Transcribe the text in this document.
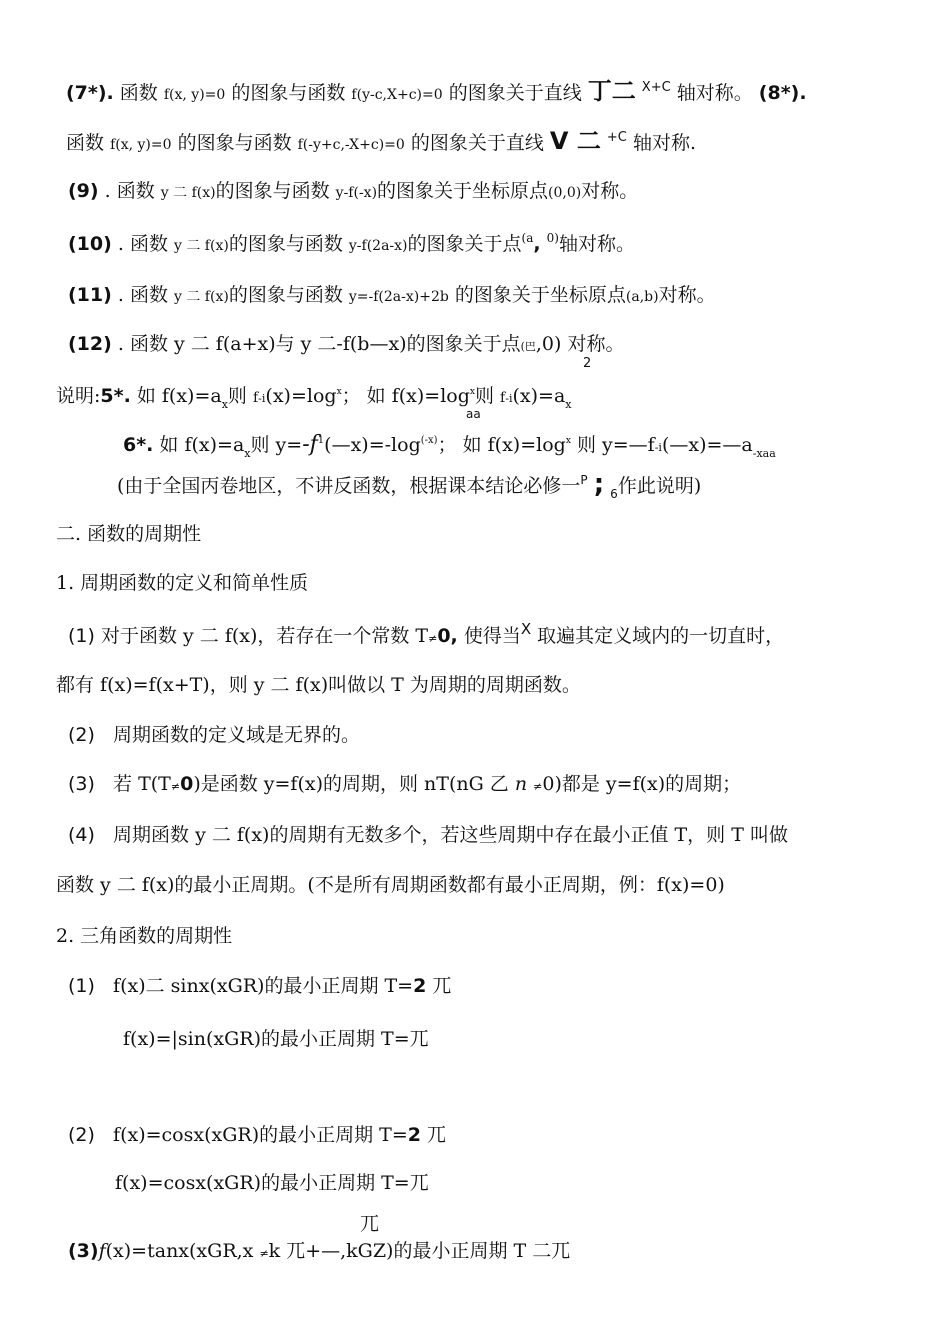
(7*). 函数 f(x, y)=0 的图象与函数 f(y-c,X+c)=0 的图象关于直线 丁二 $^{X+C}$ 轴对称。 (8*).
函数 f(x, y)=0 的图象与函数 f(-y+c,-X+c)=0 的图象关于直线 V 二 $^{+C}$ 轴对称.
(9) . 函数 y 二 f(x)的图象与函数 y-f(-x)的图象关于坐标原点(0,0)对称。
(10) . 函数 y 二 f(x)的图象与函数 y-f(2a-x)的图象关于点$^{(a}$, $^{0)}$轴对称。
(11) . 函数 y 二 f(x)的图象与函数 y=-f(2a-x)+2b 的图象关于坐标原点(a,b)对称。
(12) . 函数 y 二 f(a+x)与 y 二-f(b—x)的图象关于点(巴,0) 对称。
2
说明:5*. 如 $f(x)=a_x$则 $f-i(x)=\log^x$； 如 $f(x)=\log^x$则 $f-i(x)=a_x$
aa
6*. 如 $f(x)=a_x$则 $y=-f^1(—x)=-\log^{(-x)}$； 如 $f(x)=\log^x$ 则 $y=—f-i(—x)=—a_{-xaa}$
(由于全国丙卷地区，不讲反函数，根据课本结论必修一$^P$ ; $_6$作此说明)
二. 函数的周期性
1. 周期函数的定义和简单性质
(1) 对于函数 y 二 f(x)，若存在一个常数 T≠0, 使得当$^X$ 取遍其定义域内的一切直时，
都有 f(x)=f(x+T)，则 y 二 f(x)叫做以 T 为周期的周期函数。
(2) 周期函数的定义域是无界的。
(3) 若 T(T≠0)是函数 y=f(x)的周期，则 nT(nG 乙 n ≠0)都是 y=f(x)的周期；
(4) 周期函数 y 二 f(x)的周期有无数多个，若这些周期中存在最小正值 T，则 T 叫做
函数 y 二 f(x)的最小正周期。(不是所有周期函数都有最小正周期，例：f(x)=0)
2. 三角函数的周期性
(1) f(x)二 sinx(xGR)的最小正周期 T=2 兀
f(x)=|sin(xGR)的最小正周期 T=兀
(2) f(x)=cosx(xGR)的最小正周期 T=2 兀
f(x)=cosx(xGR)的最小正周期 T=兀
兀
(3)f(x)=tanx(xGR,x ≠k 兀+—,kGZ)的最小正周期 T 二兀
